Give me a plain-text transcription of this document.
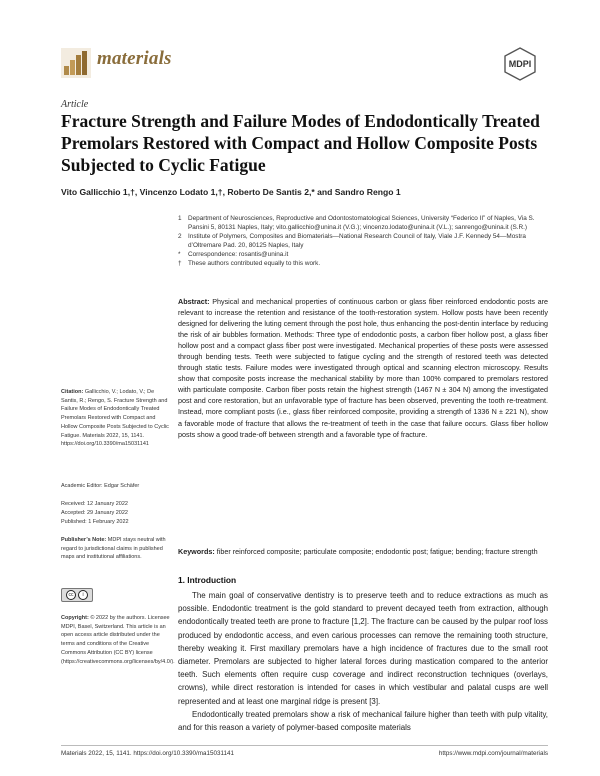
materials	MDPI
Article
Fracture Strength and Failure Modes of Endodontically Treated Premolars Restored with Compact and Hollow Composite Posts Subjected to Cyclic Fatigue
Vito Gallicchio 1,†, Vincenzo Lodato 1,†, Roberto De Santis 2,* and Sandro Rengo 1
1	Department of Neurosciences, Reproductive and Odontostomatological Sciences, University “Federico II” of Naples, Via S. Pansini 5, 80131 Naples, Italy; vito.gallicchio@unina.it (V.G.); vincenzo.lodato@unina.it (V.L.); sanrengo@unina.it (S.R.)
2	Institute of Polymers, Composites and Biomaterials—National Research Council of Italy, Viale J.F. Kennedy 54—Mostra d’Oltremare Pad. 20, 80125 Naples, Italy
*	Correspondence: rosantis@unina.it
†	These authors contributed equally to this work.
Abstract: Physical and mechanical properties of continuous carbon or glass fiber reinforced endodontic posts are relevant to increase the retention and resistance of the tooth-restoration system. Hollow posts have been recently designed for delivering the luting cement through the post hole, thus enhancing the post-dentin interface by reducing the risk of air bubbles formation. Methods: Three type of endodontic posts, a carbon fiber hollow post, a glass fiber hollow post and a compact glass fiber post were investigated. Mechanical properties of these posts were assessed through bending tests. Teeth were subjected to fatigue cycling and the strength of restored teeth was detected through static tests. Failure modes were investigated through optical and scanning electron microscopy. Results show that composite posts increase the mechanical stability by more than 100% compared to premolars restored with particulate composite. Carbon fiber posts retain the highest strength (1467 N ± 304 N) among the investigated post and core restoration, but an unfavorable type of fracture has been observed, preventing the tooth re-treatment. Instead, more compliant posts (i.e., glass fiber reinforced composite, providing a strength of 1336 N ± 221 N), show a favorable mode of fracture that allows the re-treatment of teeth in the case that failure occurs. Glass fiber hollow posts show a good trade-off between strength and a favorable type of fracture.
Keywords: fiber reinforced composite; particulate composite; endodontic post; fatigue; bending; fracture strength
Citation: Gallicchio, V.; Lodato, V.; De Santis, R.; Rengo, S. Fracture Strength and Failure Modes of Endodontically Treated Premolars Restored with Compact and Hollow Composite Posts Subjected to Cyclic Fatigue. Materials 2022, 15, 1141. https://doi.org/10.3390/ma15031141
Academic Editor: Edgar Schäfer
Received: 12 January 2022
Accepted: 29 January 2022
Published: 1 February 2022
Publisher’s Note: MDPI stays neutral with regard to jurisdictional claims in published maps and institutional affiliations.
cc	i
Copyright: © 2022 by the authors. Licensee MDPI, Basel, Switzerland. This article is an open access article distributed under the terms and conditions of the Creative Commons Attribution (CC BY) license (https://creativecommons.org/licenses/by/4.0/).
1. Introduction

The main goal of conservative dentistry is to preserve teeth and to reduce extractions as much as possible. Endodontic treatment is the gold standard to prevent decayed teeth from extraction, although endodontically treated teeth are prone to fracture [1,2]. The fracture can be caused by the pulpar roof loss produced by endodontic access, and even carious processes can remove the remaining tooth structure, thereby weaking it. First maxillary premolars have a high incidence of fractures due to the small root diameter. Premolars are subjected to higher lateral forces during mastication compared to the anterior teeth. Such elements often require cusp coverage and indirect reconstruction techniques (overlays, crowns), while direct restoration is intended for cases in which vestibular and palatal cusps are well represented and at least one marginal ridge is present [3].

Endodontically treated premolars show a risk of mechanical failure higher than teeth with pulp vitality, and for this reason a variety of polymer-based composite materials

Materials 2022, 15, 1141. https://doi.org/10.3390/ma15031141	https://www.mdpi.com/journal/materials
